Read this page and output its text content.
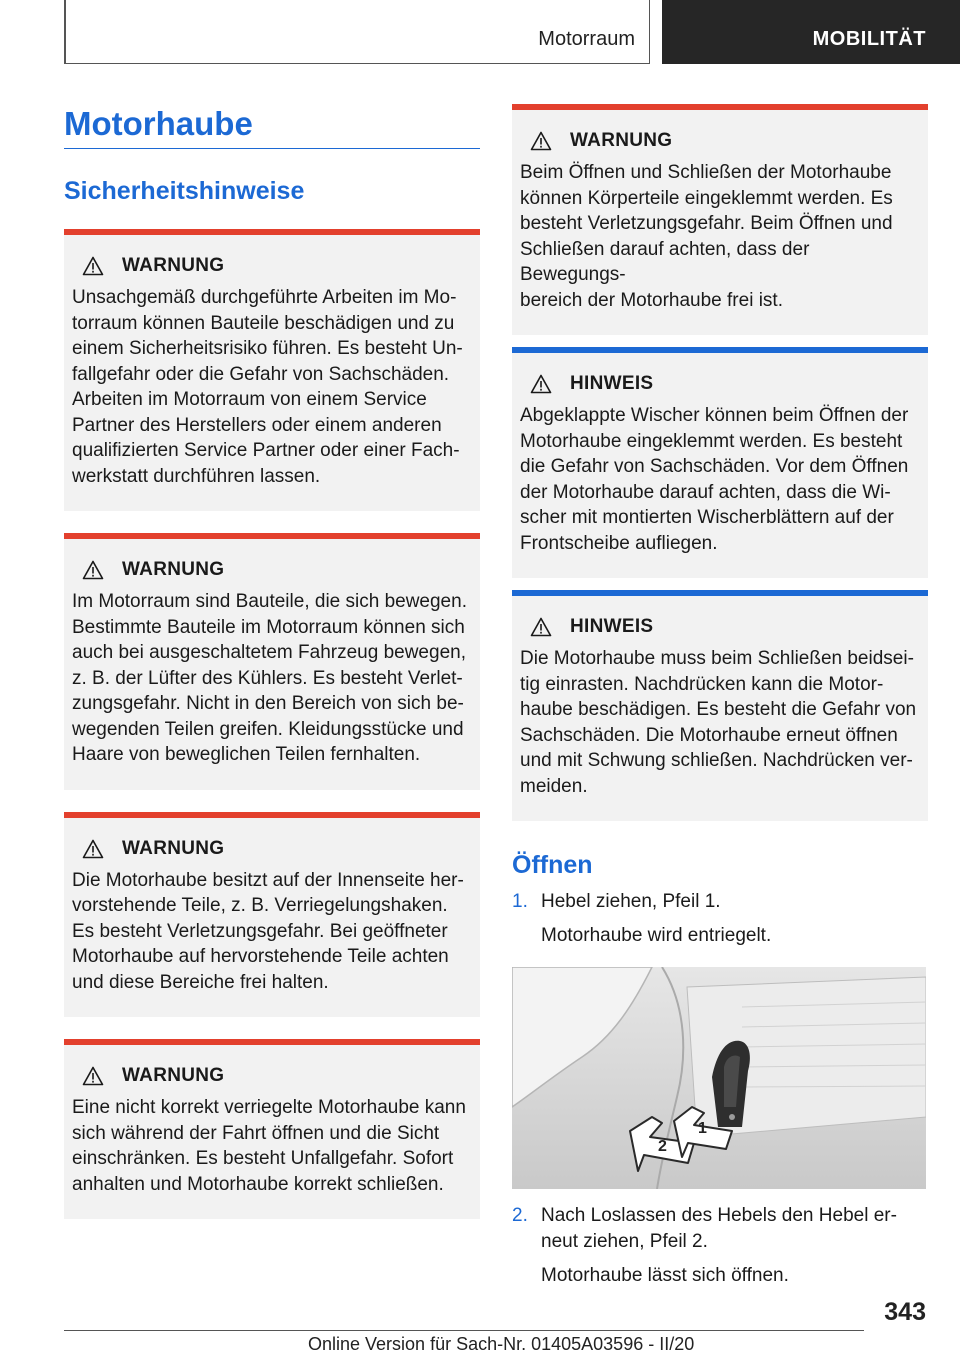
Motorraum	MOBILITÄT
Motorhaube
Sicherheitshinweise
WARNUNG
Unsachgemäß durchgeführte Arbeiten im Mo-
torraum können Bauteile beschädigen und zu
einem Sicherheitsrisiko führen. Es besteht Un-
fallgefahr oder die Gefahr von Sachschäden.
Arbeiten im Motorraum von einem Service
Partner des Herstellers oder einem anderen
qualifizierten Service Partner oder einer Fach-
werkstatt durchführen lassen.
WARNUNG
Im Motorraum sind Bauteile, die sich bewegen.
Bestimmte Bauteile im Motorraum können sich
auch bei ausgeschaltetem Fahrzeug bewegen,
z. B. der Lüfter des Kühlers. Es besteht Verlet-
zungsgefahr. Nicht in den Bereich von sich be-
wegenden Teilen greifen. Kleidungsstücke und
Haare von beweglichen Teilen fernhalten.
WARNUNG
Die Motorhaube besitzt auf der Innenseite her-
vorstehende Teile, z. B. Verriegelungshaken.
Es besteht Verletzungsgefahr. Bei geöffneter
Motorhaube auf hervorstehende Teile achten
und diese Bereiche frei halten.
WARNUNG
Eine nicht korrekt verriegelte Motorhaube kann
sich während der Fahrt öffnen und die Sicht
einschränken. Es besteht Unfallgefahr. Sofort
anhalten und Motorhaube korrekt schließen.
WARNUNG
Beim Öffnen und Schließen der Motorhaube
können Körperteile eingeklemmt werden. Es
besteht Verletzungsgefahr. Beim Öffnen und
Schließen darauf achten, dass der Bewegungs-
bereich der Motorhaube frei ist.
HINWEIS
Abgeklappte Wischer können beim Öffnen der
Motorhaube eingeklemmt werden. Es besteht
die Gefahr von Sachschäden. Vor dem Öffnen
der Motorhaube darauf achten, dass die Wi-
scher mit montierten Wischerblättern auf der
Frontscheibe aufliegen.
HINWEIS
Die Motorhaube muss beim Schließen beidsei-
tig einrasten. Nachdrücken kann die Motor-
haube beschädigen. Es besteht die Gefahr von
Sachschäden. Die Motorhaube erneut öffnen
und mit Schwung schließen. Nachdrücken ver-
meiden.
Öffnen
1. Hebel ziehen, Pfeil 1.
Motorhaube wird entriegelt.
2
1
2. Nach Loslassen des Hebels den Hebel er-
neut ziehen, Pfeil 2.
Motorhaube lässt sich öffnen.
343
Online Version für Sach-Nr. 01405A03596 - II/20
